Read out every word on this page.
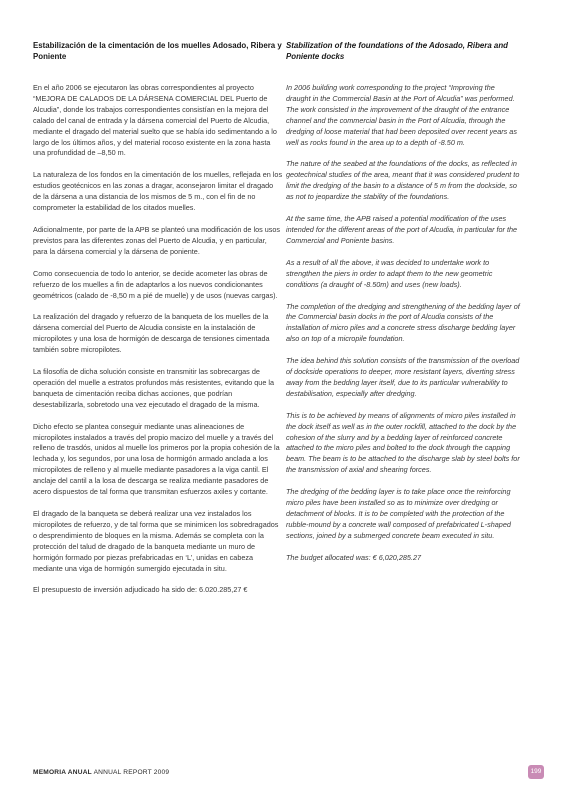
Estabilización de la cimentación de los muelles Adosado, Ribera y Poniente

En el año 2006 se ejecutaron las obras correspondientes al proyecto “MEJORA DE CALADOS DE LA DÁRSENA COMERCIAL DEL Puerto de Alcudia”, donde los trabajos correspondientes consistían en la mejora del calado del canal de entrada y la dársena comercial del Puerto de Alcudia, mediante el dragado del material suelto que se había ido sedimentando a lo largo de los últimos años, y del material rocoso existente en la zona hasta una profundidad de –8,50 m.

La naturaleza de los fondos en la cimentación de los muelles, reflejada en los estudios geotécnicos en las zonas a dragar, aconsejaron limitar el dragado de la dársena a una distancia de los mismos de 5 m., con el fin de no comprometer la estabilidad de los citados muelles.

Adicionalmente, por parte de la APB se planteó una modificación de los usos previstos para las diferentes zonas del Puerto de Alcudia, y en particular, para la dársena comercial y la dársena de poniente.

Como consecuencia de todo lo anterior, se decide acometer las obras de refuerzo de los muelles a fin de adaptarlos a los nuevos condicionantes geométricos (calado de -8,50 m a pié de muelle) y de usos (nuevas cargas).

La realización del dragado y refuerzo de la banqueta de los muelles de la dársena comercial del Puerto de Alcudia consiste en la instalación de micropilotes y una losa de hormigón de descarga de tensiones cimentada también sobre micropilotes.

La filosofía de dicha solución consiste en transmitir las sobrecargas de operación del muelle a estratos profundos más resistentes, evitando que la banqueta de cimentación reciba dichas acciones, que podrían desestabilizarla, sobretodo una vez ejecutado el dragado de la misma.

Dicho efecto se plantea conseguir mediante unas alineaciones de micropilotes instalados a través del propio macizo del muelle y a través del relleno de trasdós, unidos al muelle los primeros por la propia cohesión de la lechada y, los segundos, por una losa de hormigón armado anclada a los micropilotes de relleno y al muelle mediante pasadores a la viga cantil. El anclaje del cantil a la losa de descarga se realiza mediante pasadores de acero dispuestos de tal forma que transmitan esfuerzos axiles y cortante.

El dragado de la banqueta se deberá realizar una vez instalados los micropilotes de refuerzo, y de tal forma que se minimicen los sobredragados o desprendimiento de bloques en la misma. Además se completa con la protección del talud de dragado de la banqueta mediante un muro de hormigón formado por piezas prefabricadas en ‘L’, unidas en cabeza mediante una viga de hormigón sumergido ejecutada in situ.

El presupuesto de inversión adjudicado ha sido de: 6.020.285,27 €

Stabilization of the foundations of the Adosado, Ribera and Poniente docks

In 2006 building work corresponding to the project “Improving the draught in the Commercial Basin at the Port of Alcudia” was performed. The work consisted in the improvement of the draught of the entrance channel and the commercial basin in the Port of Alcudia, through the dredging of loose material that had been deposited over recent years as well as rocks found in the area up to a depth of -8.50 m.

The nature of the seabed at the foundations of the docks, as reflected in geotechnical studies of the area, meant that it was considered prudent to limit the dredging of the basin to a distance of 5 m from the dockside, so as not to jeopardize the stability of the foundations.

At the same time, the APB raised a potential modification of the uses intended for the different areas of the port of Alcudia, in particular for the Commercial and Poniente basins.

As a result of all the above, it was decided to undertake work to strengthen the piers in order to adapt them to the new geometric conditions (a draught of -8.50m) and uses (new loads).

The completion of the dredging and strengthening of the bedding layer of the Commercial basin docks in the port of Alcudia consists of the installation of micro piles and a concrete stress discharge bedding layer also on top of a micropile foundation.

The idea behind this solution consists of the transmission of the overload of dockside operations to deeper, more resistant layers, diverting stress away from the bedding layer itself, due to its particular vulnerability to destabilisation, especially after dredging.

This is to be achieved by means of alignments of micro piles installed in the dock itself as well as in the outer rockfill, attached to the dock by the cohesion of the slurry and by a bedding layer of reinforced concrete attached to the micro piles and bolted to the dock through the capping beam. The beam is to be attached to the discharge slab by steel bolts for the transmission of axial and shearing forces.

The dredging of the bedding layer is to take place once the reinforcing micro piles have been installed so as to minimize over dredging or detachment of blocks. It is to be completed with the protection of the rubble-mound by a concrete wall composed of prefabricated L-shaped sections, joined by a submerged concrete beam executed in situ.

The budget allocated was: € 6,020,285.27

MEMORIA ANUAL ANNUAL REPORT 2009	199
